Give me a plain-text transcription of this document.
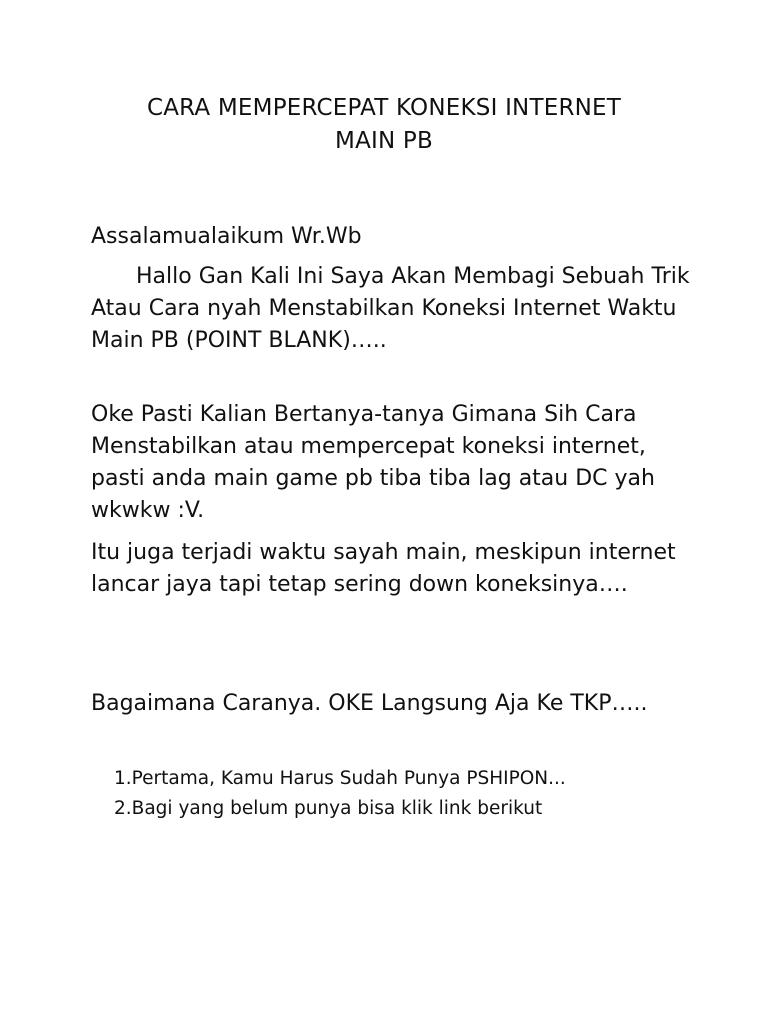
CARA MEMPERCEPAT KONEKSI INTERNET
MAIN PB

Assalamualaikum Wr.Wb

Hallo Gan Kali Ini Saya Akan Membagi Sebuah Trik Atau Cara nyah Menstabilkan Koneksi Internet Waktu Main PB (POINT BLANK)…..

Oke Pasti Kalian Bertanya-tanya Gimana Sih Cara Menstabilkan atau mempercepat koneksi internet, pasti anda main game pb tiba tiba lag atau DC yah wkwkw :V.

Itu juga terjadi waktu sayah main, meskipun internet lancar jaya tapi tetap sering down koneksinya….

Bagaimana Caranya. OKE Langsung Aja Ke TKP…..

1.Pertama, Kamu Harus Sudah Punya PSHIPON...
2.Bagi yang belum punya bisa klik link berikut
